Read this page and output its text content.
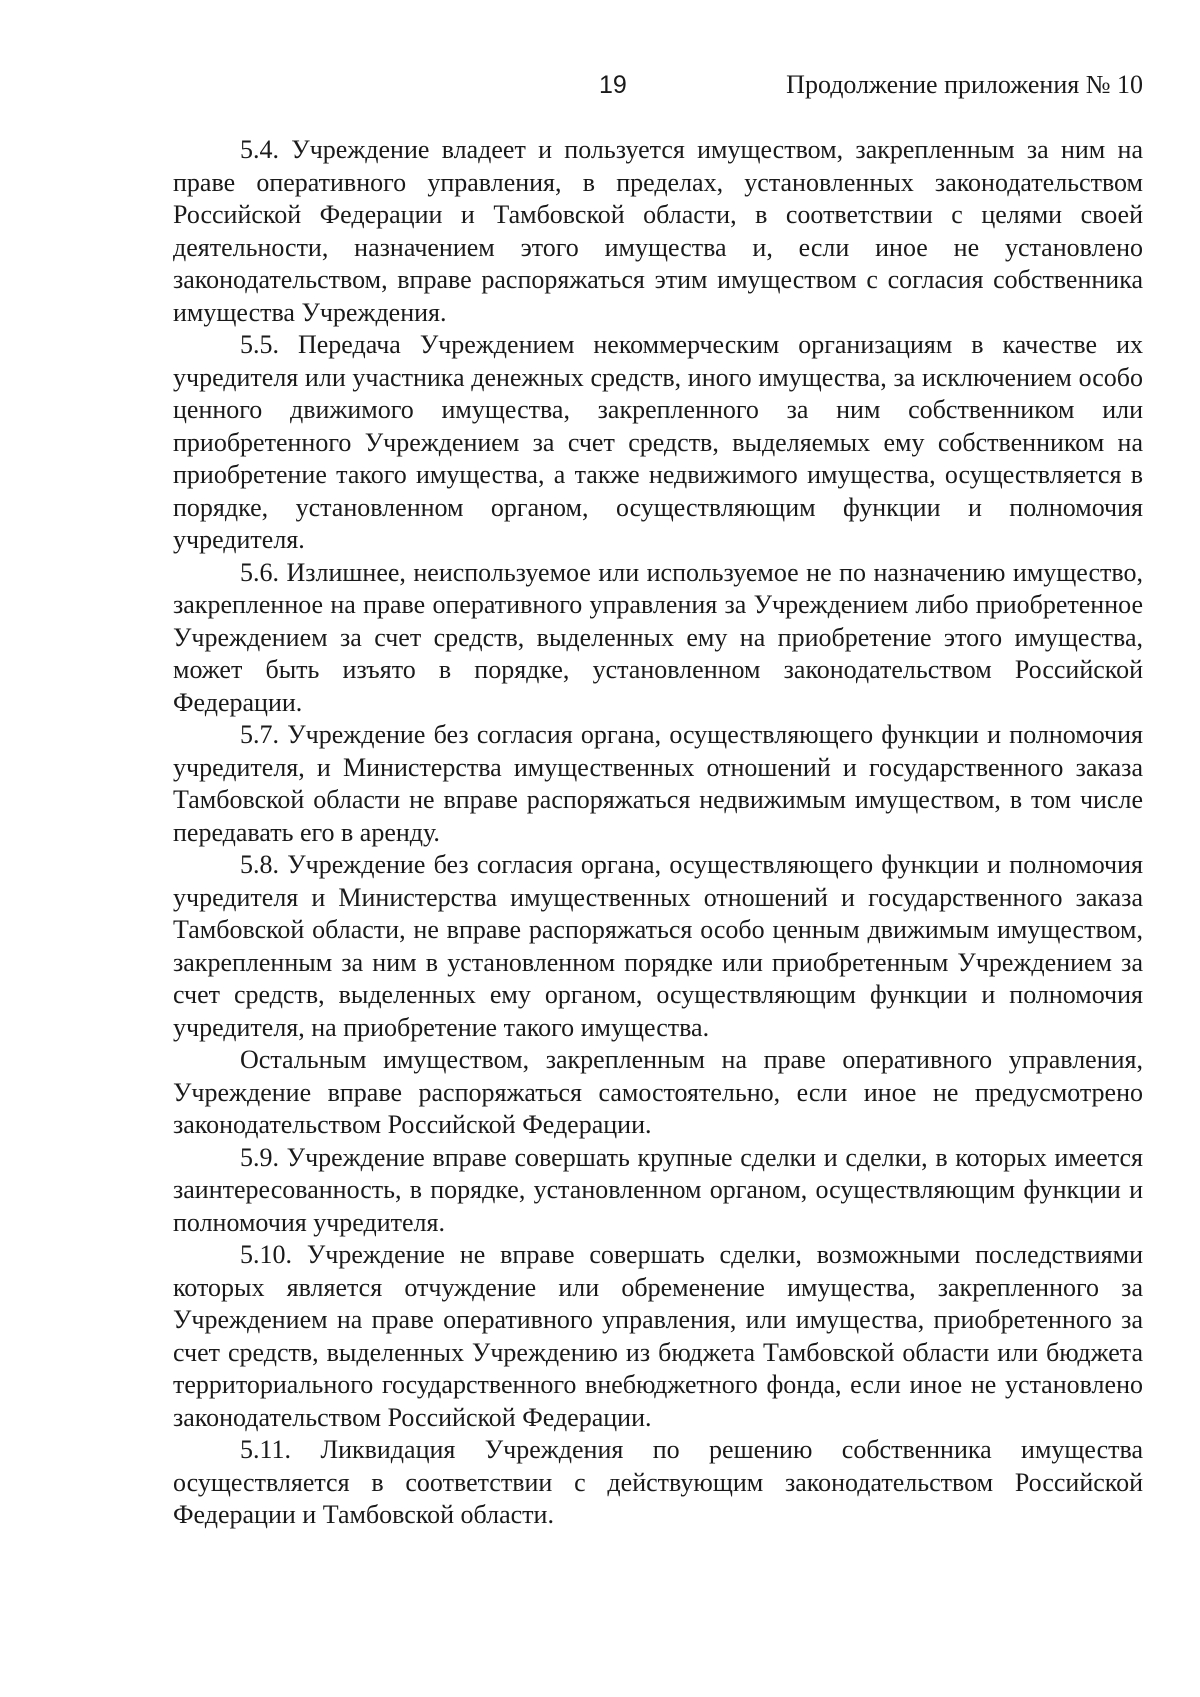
19	Продолжение приложения № 10

5.4. Учреждение владеет и пользуется имуществом, закрепленным за ним на праве оперативного управления, в пределах, установленных законодательством Российской Федерации и Тамбовской области, в соответствии с целями своей деятельности, назначением этого имущества и, если иное не установлено законодательством, вправе распоряжаться этим имуществом с согласия собственника имущества Учреждения.

5.5. Передача Учреждением некоммерческим организациям в качестве их учредителя или участника денежных средств, иного имущества, за исключением особо ценного движимого имущества, закрепленного за ним собственником или приобретенного Учреждением за счет средств, выделяемых ему собственником на приобретение такого имущества, а также недвижимого имущества, осуществляется в порядке, установленном органом, осуществляющим функции и полномочия учредителя.

5.6. Излишнее, неиспользуемое или используемое не по назначению имущество, закрепленное на праве оперативного управления за Учреждением либо приобретенное Учреждением за счет средств, выделенных ему на приобретение этого имущества, может быть изъято в порядке, установленном законодательством Российской Федерации.

5.7. Учреждение без согласия органа, осуществляющего функции и полномочия учредителя, и Министерства имущественных отношений и государственного заказа Тамбовской области не вправе распоряжаться недвижимым имуществом, в том числе передавать его в аренду.

5.8. Учреждение без согласия органа, осуществляющего функции и полномочия учредителя и Министерства имущественных отношений и государственного заказа Тамбовской области, не вправе распоряжаться особо ценным движимым имуществом, закрепленным за ним в установленном порядке или приобретенным Учреждением за счет средств, выделенных ему органом, осуществляющим функции и полномочия учредителя, на приобретение такого имущества.

Остальным имуществом, закрепленным на праве оперативного управления, Учреждение вправе распоряжаться самостоятельно, если иное не предусмотрено законодательством Российской Федерации.

5.9. Учреждение вправе совершать крупные сделки и сделки, в которых имеется заинтересованность, в порядке, установленном органом, осуществляющим функции и полномочия учредителя.

5.10. Учреждение не вправе совершать сделки, возможными последствиями которых является отчуждение или обременение имущества, закрепленного за Учреждением на праве оперативного управления, или имущества, приобретенного за счет средств, выделенных Учреждению из бюджета Тамбовской области или бюджета территориального государственного внебюджетного фонда, если иное не установлено законодательством Российской Федерации.

5.11. Ликвидация Учреждения по решению собственника имущества осуществляется в соответствии с действующим законодательством Российской Федерации и Тамбовской области.
